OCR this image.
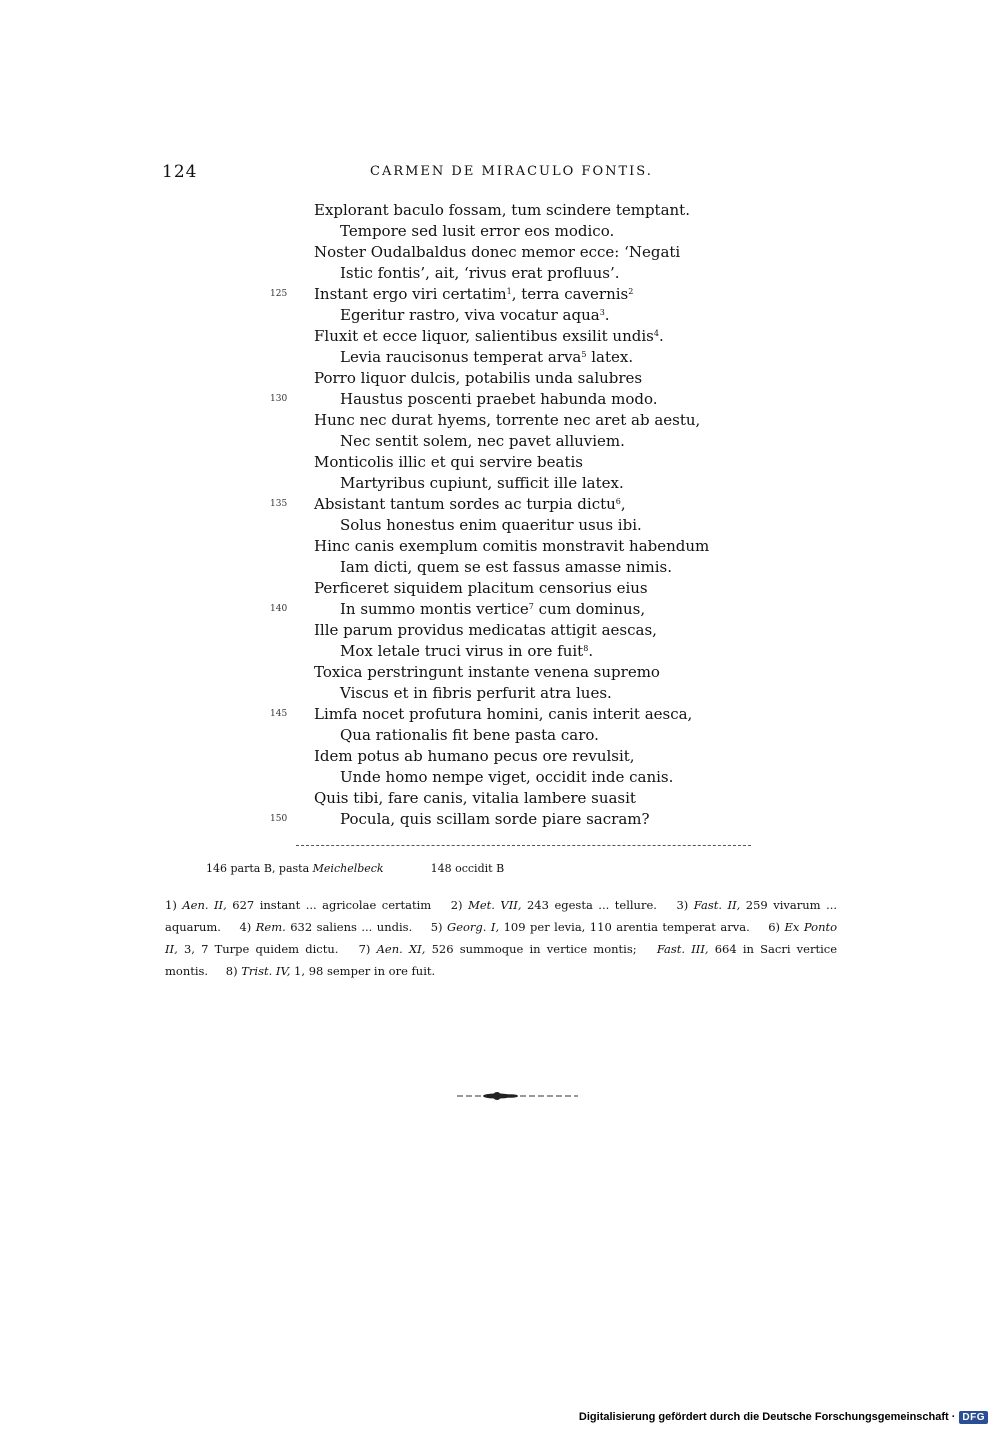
124	CARMEN DE MIRACULO FONTIS.
Explorant baculo fossam, tum scindere temptant.
Tempore sed lusit error eos modico.
Noster Oudalbaldus donec memor ecce: ‘Negati
Istic fontis’, ait, ‘rivus erat profluus’.
125 Instant ergo viri certatim$^1$, terra cavernis$^2$
Egeritur rastro, viva vocatur aqua$^3$.
Fluxit et ecce liquor, salientibus exsilit undis$^4$.
Levia raucisonus temperat arva$^5$ latex.
Porro liquor dulcis, potabilis unda salubres
130	Haustus poscenti praebet habunda modo.
Hunc nec durat hyems, torrente nec aret ab aestu,
Nec sentit solem, nec pavet alluviem.
Monticolis illic et qui servire beatis
Martyribus cupiunt, sufficit ille latex.
135 Absistant tantum sordes ac turpia dictu$^6$,
Solus honestus enim quaeritur usus ibi.
Hinc canis exemplum comitis monstravit habendum
Iam dicti, quem se est fassus amasse nimis.
Perficeret siquidem placitum censorius eius
140	In summo montis vertice$^7$ cum dominus,
Ille parum providus medicatas attigit aescas,
Mox letale truci virus in ore fuit$^8$.
Toxica perstringunt instante venena supremo
Viscus et in fibris perfurit atra lues.
145 Limfa nocet profutura homini, canis interit aesca,
Qua rationalis fit bene pasta caro.
Idem potus ab humano pecus ore revulsit,
Unde homo nempe viget, occidit inde canis.
Quis tibi, fare canis, vitalia lambere suasit
150	Pocula, quis scillam sorde piare sacram?
146 parta B, pasta Meichelbeck	148 occidit B
1) Aen. II, 627 instant ... agricolae certatim 2) Met. VII, 243 egesta ... tellure. 3) Fast. II, 259 vivarum ... aquarum. 4) Rem. 632 saliens ... undis. 5) Georg. I, 109 per levia, 110 arentia temperat arva. 6) Ex Ponto II, 3, 7 Turpe quidem dictu. 7) Aen. XI, 526 summoque in vertice montis; Fast. III, 664 in Sacri vertice montis. 8) Trist. IV, 1, 98 semper in ore fuit.
Digitalisierung gefördert durch die Deutsche Forschungsgemeinschaft · DFG
